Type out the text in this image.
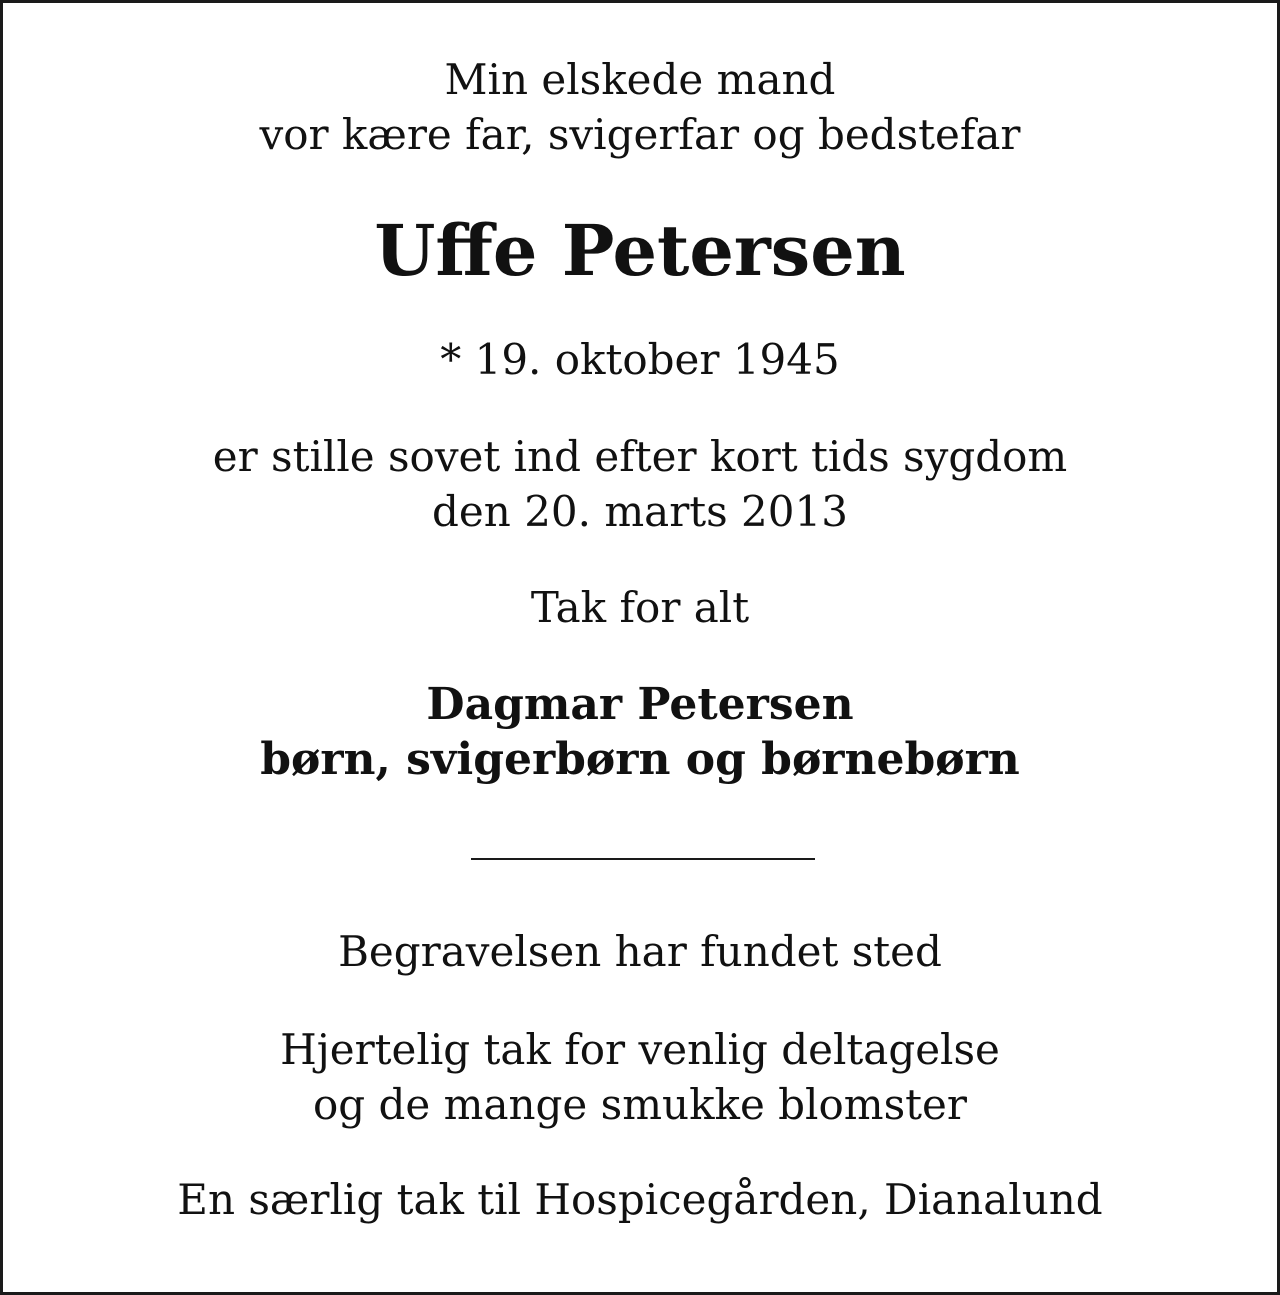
Min elskede mand

vor kære far, svigerfar og bedstefar

Uffe Petersen

* 19. oktober 1945

er stille sovet ind efter kort tids sygdom

den 20. marts 2013

Tak for alt

Dagmar Petersen

børn, svigerbørn og børnebørn

Begravelsen har fundet sted

Hjertelig tak for venlig deltagelse

og de mange smukke blomster

En særlig tak til Hospicegården, Dianalund
